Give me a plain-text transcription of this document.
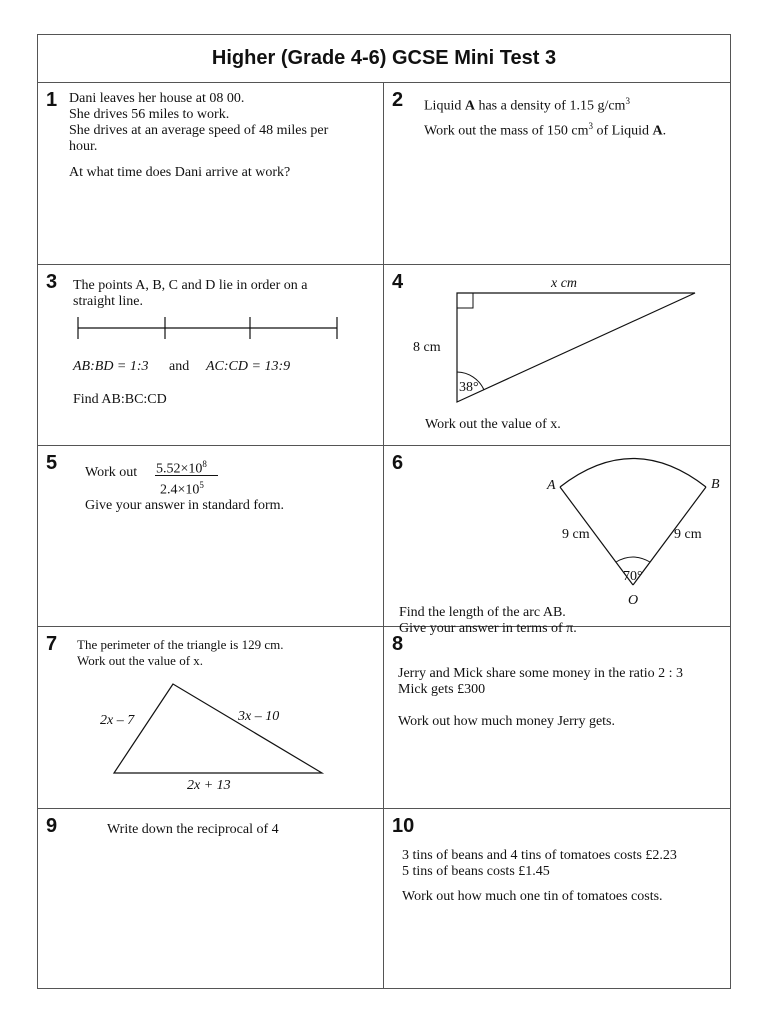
Higher (Grade 4-6) GCSE Mini Test 3
1 Dani leaves her house at 08 00.
She drives 56 miles to work.
She drives at an average speed of 48 miles per
hour.
At what time does Dani arrive at work?
2 Liquid A has a density of 1.15 $g/cm^3$
Work out the mass of 150 $cm^3$ of Liquid A.
3 The points A, B, C and D lie in order on a
straight line.
AB:BD = 1:3 and AC:CD = 13:9
Find AB:BC:CD
4	x cm
8 cm
38°
Work out the value of x.
5 Work out $5.52\times 10^8$
$2.4\times 10^5$
Give your answer in standard form.
6
A	B
O
9 cm	9 cm
70°
Find the length of the arc AB.
Give your answer in terms of π.
7 The perimeter of the triangle is 129 cm.
Work out the value of x.
2x – 7	3x – 10
2x + 13
8
Jerry and Mick share some money in the ratio 2 : 3
Mick gets £300
Work out how much money Jerry gets.
9	Write down the reciprocal of 4	10
3 tins of beans and 4 tins of tomatoes costs £2.23
5 tins of beans costs £1.45
Work out how much one tin of tomatoes costs.
